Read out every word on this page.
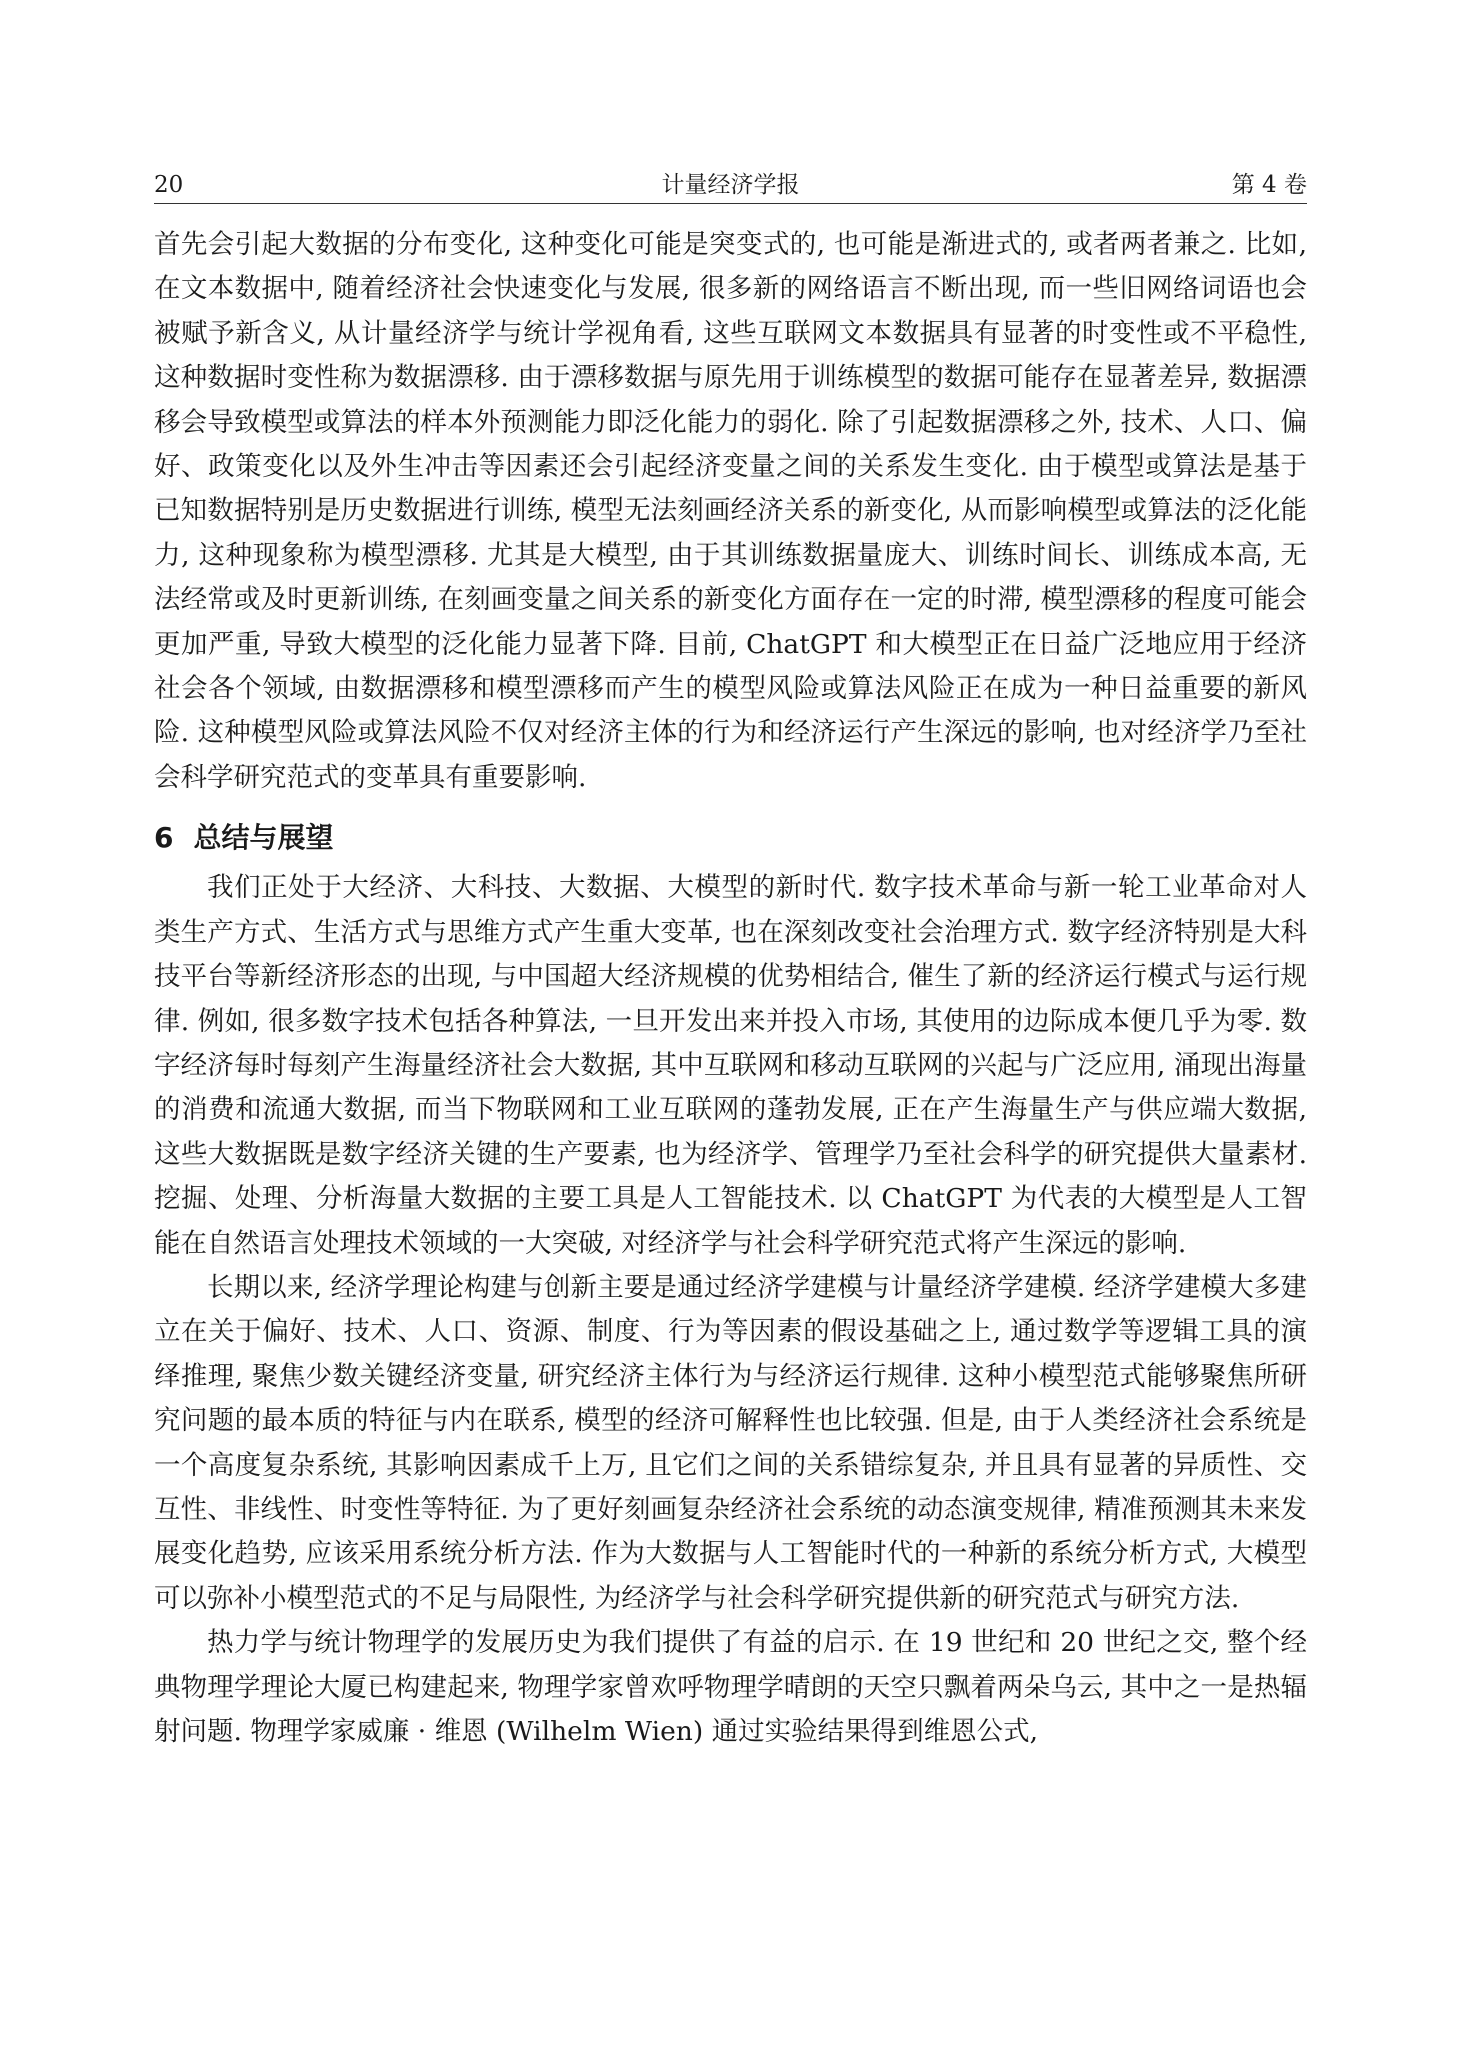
20	计量经济学报	第 4 卷

首先会引起大数据的分布变化, 这种变化可能是突变式的, 也可能是渐进式的, 或者两者兼之. 比如, 在文本数据中, 随着经济社会快速变化与发展, 很多新的网络语言不断出现, 而一些旧网络词语也会被赋予新含义, 从计量经济学与统计学视角看, 这些互联网文本数据具有显著的时变性或不平稳性, 这种数据时变性称为数据漂移. 由于漂移数据与原先用于训练模型的数据可能存在显著差异, 数据漂移会导致模型或算法的样本外预测能力即泛化能力的弱化. 除了引起数据漂移之外, 技术、人口、偏好、政策变化以及外生冲击等因素还会引起经济变量之间的关系发生变化. 由于模型或算法是基于已知数据特别是历史数据进行训练, 模型无法刻画经济关系的新变化, 从而影响模型或算法的泛化能力, 这种现象称为模型漂移. 尤其是大模型, 由于其训练数据量庞大、训练时间长、训练成本高, 无法经常或及时更新训练, 在刻画变量之间关系的新变化方面存在一定的时滞, 模型漂移的程度可能会更加严重, 导致大模型的泛化能力显著下降. 目前, ChatGPT 和大模型正在日益广泛地应用于经济社会各个领域, 由数据漂移和模型漂移而产生的模型风险或算法风险正在成为一种日益重要的新风险. 这种模型风险或算法风险不仅对经济主体的行为和经济运行产生深远的影响, 也对经济学乃至社会科学研究范式的变革具有重要影响.

6 总结与展望

我们正处于大经济、大科技、大数据、大模型的新时代. 数字技术革命与新一轮工业革命对人类生产方式、生活方式与思维方式产生重大变革, 也在深刻改变社会治理方式. 数字经济特别是大科技平台等新经济形态的出现, 与中国超大经济规模的优势相结合, 催生了新的经济运行模式与运行规律. 例如, 很多数字技术包括各种算法, 一旦开发出来并投入市场, 其使用的边际成本便几乎为零. 数字经济每时每刻产生海量经济社会大数据, 其中互联网和移动互联网的兴起与广泛应用, 涌现出海量的消费和流通大数据, 而当下物联网和工业互联网的蓬勃发展, 正在产生海量生产与供应端大数据, 这些大数据既是数字经济关键的生产要素, 也为经济学、管理学乃至社会科学的研究提供大量素材. 挖掘、处理、分析海量大数据的主要工具是人工智能技术. 以 ChatGPT 为代表的大模型是人工智能在自然语言处理技术领域的一大突破, 对经济学与社会科学研究范式将产生深远的影响.

长期以来, 经济学理论构建与创新主要是通过经济学建模与计量经济学建模. 经济学建模大多建立在关于偏好、技术、人口、资源、制度、行为等因素的假设基础之上, 通过数学等逻辑工具的演绎推理, 聚焦少数关键经济变量, 研究经济主体行为与经济运行规律. 这种小模型范式能够聚焦所研究问题的最本质的特征与内在联系, 模型的经济可解释性也比较强. 但是, 由于人类经济社会系统是一个高度复杂系统, 其影响因素成千上万, 且它们之间的关系错综复杂, 并且具有显著的异质性、交互性、非线性、时变性等特征. 为了更好刻画复杂经济社会系统的动态演变规律, 精准预测其未来发展变化趋势, 应该采用系统分析方法. 作为大数据与人工智能时代的一种新的系统分析方式, 大模型可以弥补小模型范式的不足与局限性, 为经济学与社会科学研究提供新的研究范式与研究方法.

热力学与统计物理学的发展历史为我们提供了有益的启示. 在 19 世纪和 20 世纪之交, 整个经典物理学理论大厦已构建起来, 物理学家曾欢呼物理学晴朗的天空只飘着两朵乌云, 其中之一是热辐射问题. 物理学家威廉 · 维恩 (Wilhelm Wien) 通过实验结果得到维恩公式,
